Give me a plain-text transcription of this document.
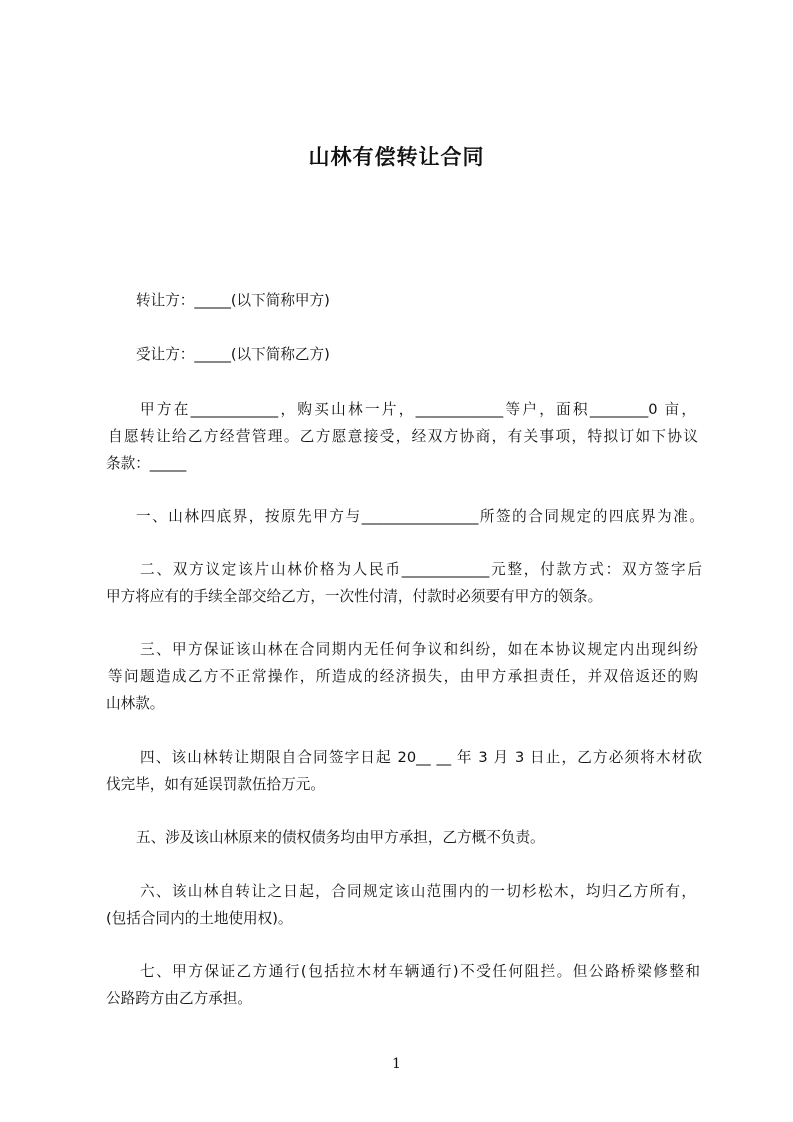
山林有偿转让合同
转让方：_____(以下简称甲方)
受让方：_____(以下简称乙方)
甲方在____________，购买山林一片，____________等户，面积________0 亩，
自愿转让给乙方经营管理。乙方愿意接受，经双方协商，有关事项，特拟订如下协议
条款：_____
一、山林四底界，按原先甲方与________________所签的合同规定的四底界为准。
二、双方议定该片山林价格为人民币____________元整，付款方式：双方签字后
甲方将应有的手续全部交给乙方，一次性付清，付款时必须要有甲方的领条。
三、甲方保证该山林在合同期内无任何争议和纠纷，如在本协议规定内出现纠纷
等问题造成乙方不正常操作，所造成的经济损失，由甲方承担责任，并双倍返还的购
山林款。
四、该山林转让期限自合同签字日起 20__ __ 年 3 月 3 日止，乙方必须将木材砍
伐完毕，如有延误罚款伍拾万元。
五、涉及该山林原来的债权债务均由甲方承担，乙方概不负责。
六、该山林自转让之日起，合同规定该山范围内的一切杉松木，均归乙方所有，
(包括合同内的土地使用权)。
七、甲方保证乙方通行(包括拉木材车辆通行)不受任何阻拦。但公路桥梁修整和
公路跨方由乙方承担。
1
